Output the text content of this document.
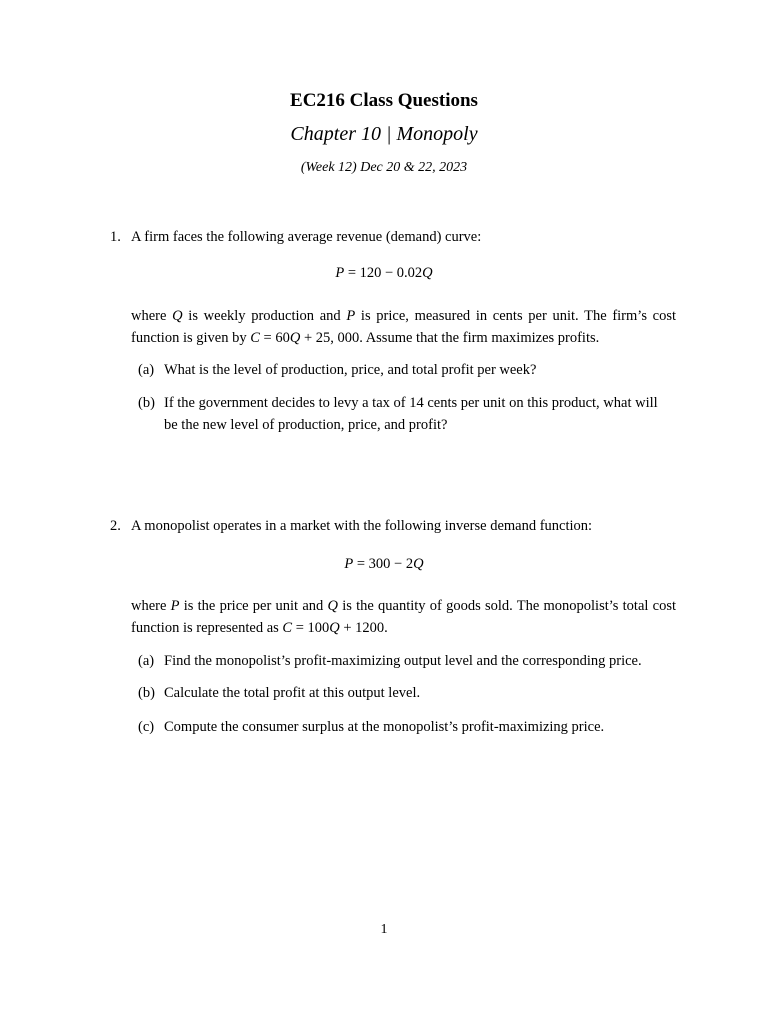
EC216 Class Questions
Chapter 10 | Monopoly
(Week 12) Dec 20 & 22, 2023
1. A firm faces the following average revenue (demand) curve:
P = 120 − 0.02Q
where Q is weekly production and P is price, measured in cents per unit. The firm’s cost function is given by C = 60Q + 25, 000. Assume that the firm maximizes profits.
(a) What is the level of production, price, and total profit per week?
(b) If the government decides to levy a tax of 14 cents per unit on this product, what will be the new level of production, price, and profit?
2. A monopolist operates in a market with the following inverse demand function:
P = 300 − 2Q
where P is the price per unit and Q is the quantity of goods sold. The monopolist’s total cost function is represented as C = 100Q + 1200.
(a) Find the monopolist’s profit-maximizing output level and the corresponding price.
(b) Calculate the total profit at this output level.
(c) Compute the consumer surplus at the monopolist’s profit-maximizing price.
1
